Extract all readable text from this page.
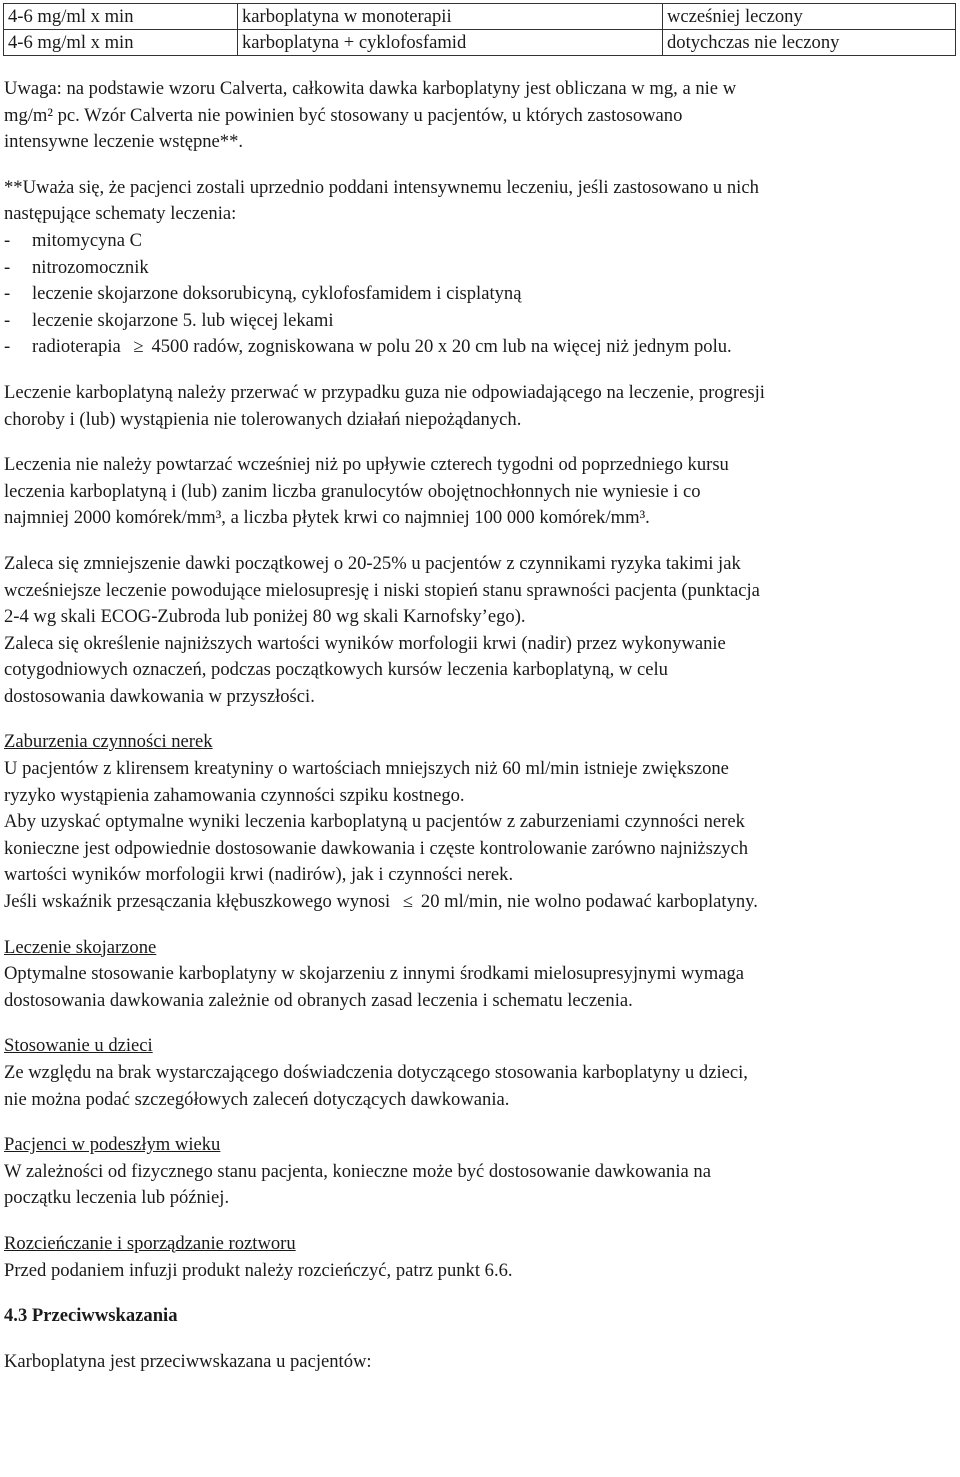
4-6 mg/ml x min	karboplatyna w monoterapii	wcześniej leczony
4-6 mg/ml x min	karboplatyna + cyklofosfamid	dotychczas nie leczony

Uwaga: na podstawie wzoru Calverta, całkowita dawka karboplatyny jest obliczana w mg, a nie w
mg/m² pc. Wzór Calverta nie powinien być stosowany u pacjentów, u których zastosowano
intensywne leczenie wstępne**.

**Uważa się, że pacjenci zostali uprzednio poddani intensywnemu leczeniu, jeśli zastosowano u nich
następujące schematy leczenia:
- mitomycyna C
- nitrozomocznik
- leczenie skojarzone doksorubicyną, cyklofosfamidem i cisplatyną
- leczenie skojarzone 5. lub więcej lekami
- radioterapia ≥ 4500 radów, zogniskowana w polu 20 x 20 cm lub na więcej niż jednym polu.

Leczenie karboplatyną należy przerwać w przypadku guza nie odpowiadającego na leczenie, progresji
choroby i (lub) wystąpienia nie tolerowanych działań niepożądanych.

Leczenia nie należy powtarzać wcześniej niż po upływie czterech tygodni od poprzedniego kursu
leczenia karboplatyną i (lub) zanim liczba granulocytów obojętnochłonnych nie wyniesie i co
najmniej 2000 komórek/mm³, a liczba płytek krwi co najmniej 100 000 komórek/mm³.

Zaleca się zmniejszenie dawki początkowej o 20-25% u pacjentów z czynnikami ryzyka takimi jak
wcześniejsze leczenie powodujące mielosupresję i niski stopień stanu sprawności pacjenta (punktacja
2-4 wg skali ECOG-Zubroda lub poniżej 80 wg skali Karnofsky’ego).
Zaleca się określenie najniższych wartości wyników morfologii krwi (nadir) przez wykonywanie
cotygodniowych oznaczeń, podczas początkowych kursów leczenia karboplatyną, w celu
dostosowania dawkowania w przyszłości.

Zaburzenia czynności nerek
U pacjentów z klirensem kreatyniny o wartościach mniejszych niż 60 ml/min istnieje zwiększone
ryzyko wystąpienia zahamowania czynności szpiku kostnego.
Aby uzyskać optymalne wyniki leczenia karboplatyną u pacjentów z zaburzeniami czynności nerek
konieczne jest odpowiednie dostosowanie dawkowania i częste kontrolowanie zarówno najniższych
wartości wyników morfologii krwi (nadirów), jak i czynności nerek.
Jeśli wskaźnik przesączania kłębuszkowego wynosi ≤ 20 ml/min, nie wolno podawać karboplatyny.

Leczenie skojarzone
Optymalne stosowanie karboplatyny w skojarzeniu z innymi środkami mielosupresyjnymi wymaga
dostosowania dawkowania zależnie od obranych zasad leczenia i schematu leczenia.

Stosowanie u dzieci
Ze względu na brak wystarczającego doświadczenia dotyczącego stosowania karboplatyny u dzieci,
nie można podać szczegółowych zaleceń dotyczących dawkowania.

Pacjenci w podeszłym wieku
W zależności od fizycznego stanu pacjenta, konieczne może być dostosowanie dawkowania na
początku leczenia lub później.

Rozcieńczanie i sporządzanie roztworu
Przed podaniem infuzji produkt należy rozcieńczyć, patrz punkt 6.6.

4.3 Przeciwwskazania

Karboplatyna jest przeciwwskazana u pacjentów:
